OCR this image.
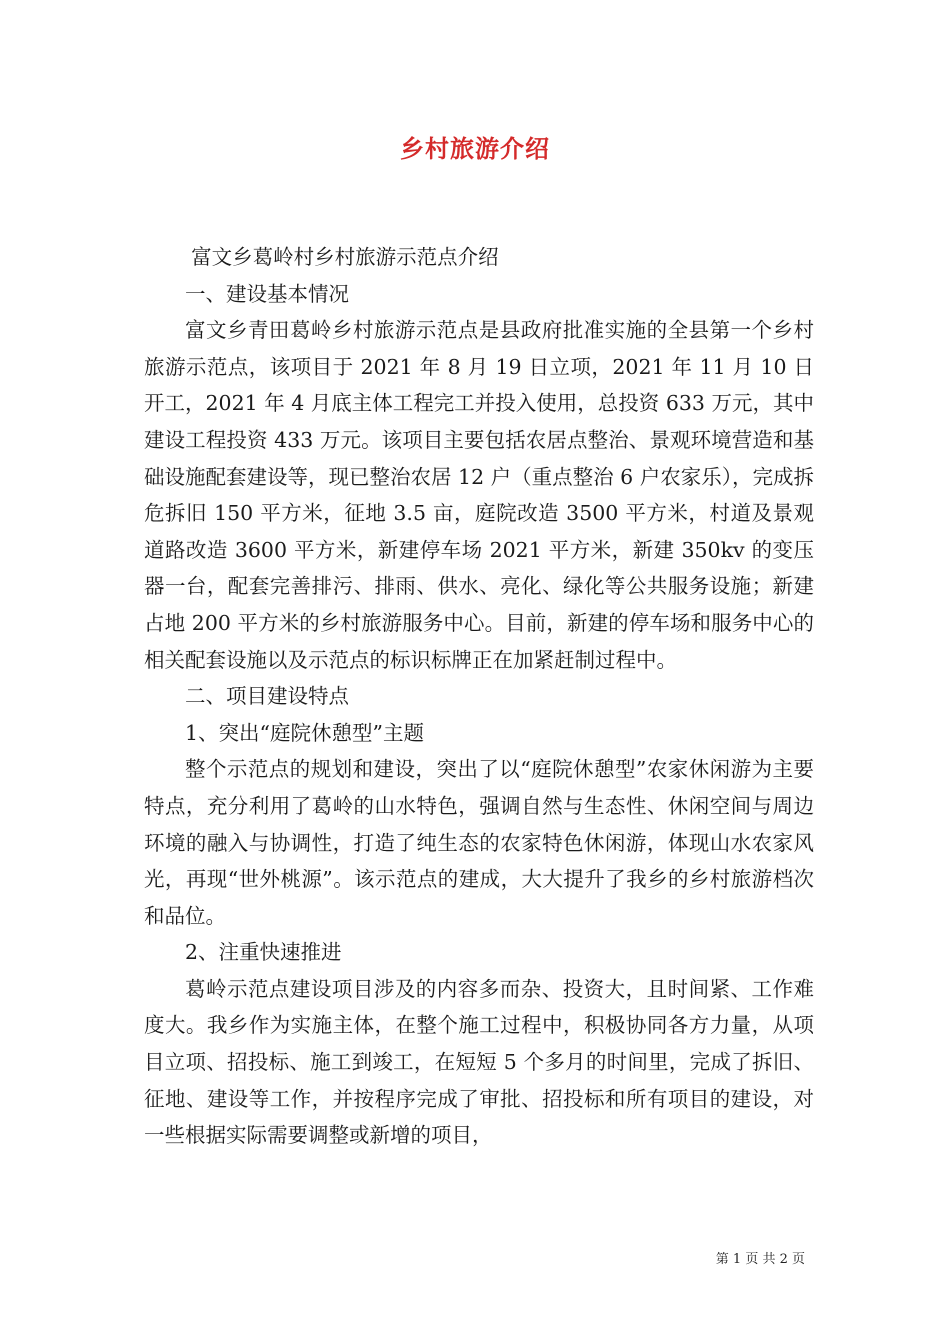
乡村旅游介绍

富文乡葛岭村乡村旅游示范点介绍

一、建设基本情况

富文乡青田葛岭乡村旅游示范点是县政府批准实施的全县第一个乡村旅游示范点，该项目于 2021 年 8 月 19 日立项，2021 年 11 月 10 日开工，2021 年 4 月底主体工程完工并投入使用，总投资 633 万元，其中建设工程投资 433 万元。该项目主要包括农居点整治、景观环境营造和基础设施配套建设等，现已整治农居 12 户（重点整治 6 户农家乐），完成拆危拆旧 150 平方米，征地 3.5 亩，庭院改造 3500 平方米，村道及景观道路改造 3600 平方米，新建停车场 2021 平方米，新建 350kv 的变压器一台，配套完善排污、排雨、供水、亮化、绿化等公共服务设施；新建占地 200 平方米的乡村旅游服务中心。目前，新建的停车场和服务中心的相关配套设施以及示范点的标识标牌正在加紧赶制过程中。

二、项目建设特点

1、突出“庭院休憩型”主题

整个示范点的规划和建设，突出了以“庭院休憩型”农家休闲游为主要特点，充分利用了葛岭的山水特色，强调自然与生态性、休闲空间与周边环境的融入与协调性，打造了纯生态的农家特色休闲游，体现山水农家风光，再现“世外桃源”。该示范点的建成，大大提升了我乡的乡村旅游档次和品位。

2、注重快速推进

葛岭示范点建设项目涉及的内容多而杂、投资大，且时间紧、工作难度大。我乡作为实施主体，在整个施工过程中，积极协同各方力量，从项目立项、招投标、施工到竣工，在短短 5 个多月的时间里，完成了拆旧、征地、建设等工作，并按程序完成了审批、招投标和所有项目的建设，对一些根据实际需要调整或新增的项目，

第 1 页 共 2 页
